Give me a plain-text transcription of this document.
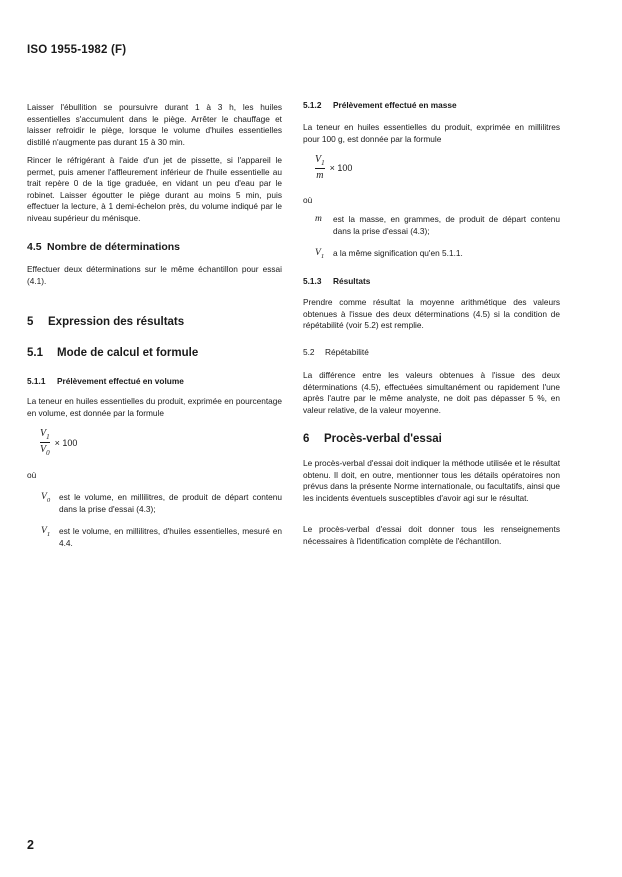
ISO 1955-1982 (F)

Laisser l'ébullition se poursuivre durant 1 à 3 h, les huiles essentielles s'accumulent dans le piège. Arrêter le chauffage et laisser refroidir le piège, lorsque le volume d'huiles essentielles distillé n'augmente pas durant 15 à 30 min.

Rincer le réfrigérant à l'aide d'un jet de pissette, si l'appareil le permet, puis amener l'affleurement inférieur de l'huile essentielle au trait repère 0 de la tige graduée, en vidant un peu d'eau par le robinet. Laisser égoutter le piège durant au moins 5 min, puis effectuer la lecture, à 1 demi-échelon près, du volume indiqué par le niveau supérieur du ménisque.

4.5 Nombre de déterminations

Effectuer deux déterminations sur le même échantillon pour essai (4.1).

5 Expression des résultats
5.1 Mode de calcul et formule
5.1.1 Prélèvement effectué en volume

La teneur en huiles essentielles du produit, exprimée en pourcentage en volume, est donnée par la formule

$\frac{V_1}{V_0} \times 100$
où
$V_0$	est le volume, en millilitres, de produit de départ contenu dans la prise d'essai (4.3);
$V_1$	est le volume, en millilitres, d'huiles essentielles, mesuré en 4.4.
5.1.2 Prélèvement effectué en masse

La teneur en huiles essentielles du produit, exprimée en millilitres pour 100 g, est donnée par la formule

$\frac{V_1}{m} \times 100$
où
m	est la masse, en grammes, de produit de départ contenu dans la prise d'essai (4.3);
$V_1$	a la même signification qu'en 5.1.1.
5.1.3 Résultats

Prendre comme résultat la moyenne arithmétique des valeurs obtenues à l'issue des deux déterminations (4.5) si la condition de répétabilité (voir 5.2) est remplie.

5.2 Répétabilité

La différence entre les valeurs obtenues à l'issue des deux déterminations (4.5), effectuées simultanément ou rapidement l'une après l'autre par le même analyste, ne doit pas dépasser 5 %, en valeur relative, de la valeur moyenne.

6 Procès-verbal d'essai

Le procès-verbal d'essai doit indiquer la méthode utilisée et le résultat obtenu. Il doit, en outre, mentionner tous les détails opératoires non prévus dans la présente Norme internationale, ou facultatifs, ainsi que les incidents éventuels susceptibles d'avoir agi sur le résultat.

Le procès-verbal d'essai doit donner tous les renseignements nécessaires à l'identification complète de l'échantillon.

2
